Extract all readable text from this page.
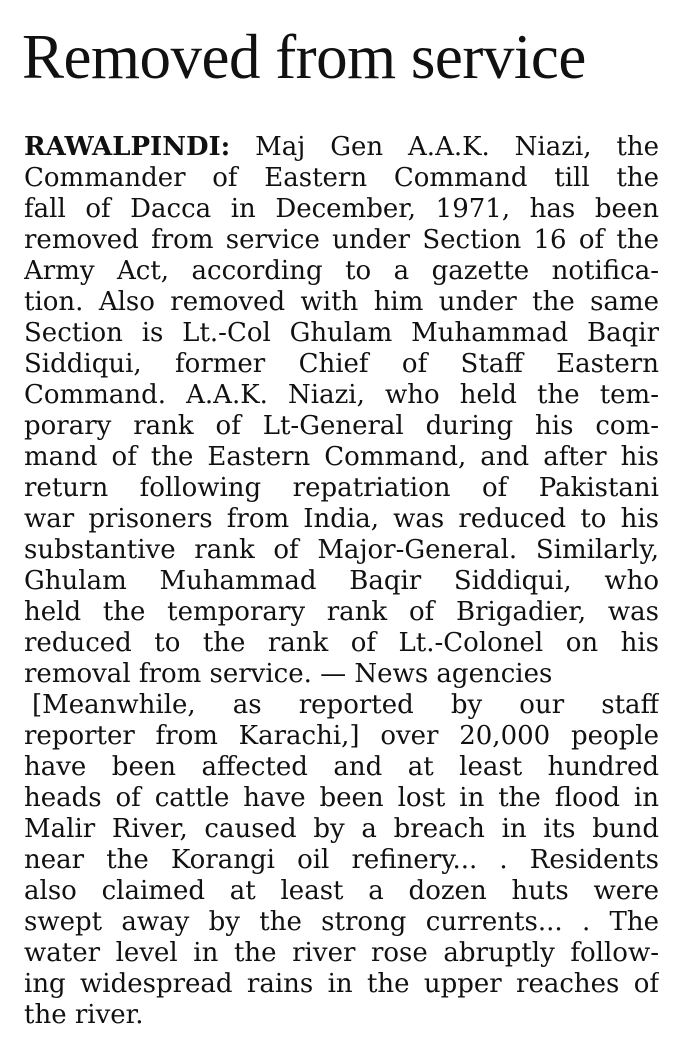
Removed from service
RAWALPINDI: Maj Gen A.A.K. Niazi, the
Commander of Eastern Command till the
fall of Dacca in December, 1971, has been
removed from service under Section 16 of the
Army Act, according to a gazette notifica-
tion. Also removed with him under the same
Section is Lt.-Col Ghulam Muhammad Baqir
Siddiqui, former Chief of Staff Eastern
Command. A.A.K. Niazi, who held the tem-
porary rank of Lt-General during his com-
mand of the Eastern Command, and after his
return following repatriation of Pakistani
war prisoners from India, was reduced to his
substantive rank of Major-General. Similarly,
Ghulam Muhammad Baqir Siddiqui, who
held the temporary rank of Brigadier, was
reduced to the rank of Lt.-Colonel on his
removal from service. — News agencies
[Meanwhile, as reported by our staff
reporter from Karachi,] over 20,000 people
have been affected and at least hundred
heads of cattle have been lost in the flood in
Malir River, caused by a breach in its bund
near the Korangi oil refinery... . Residents
also claimed at least a dozen huts were
swept away by the strong currents... . The
water level in the river rose abruptly follow-
ing widespread rains in the upper reaches of
the river.
